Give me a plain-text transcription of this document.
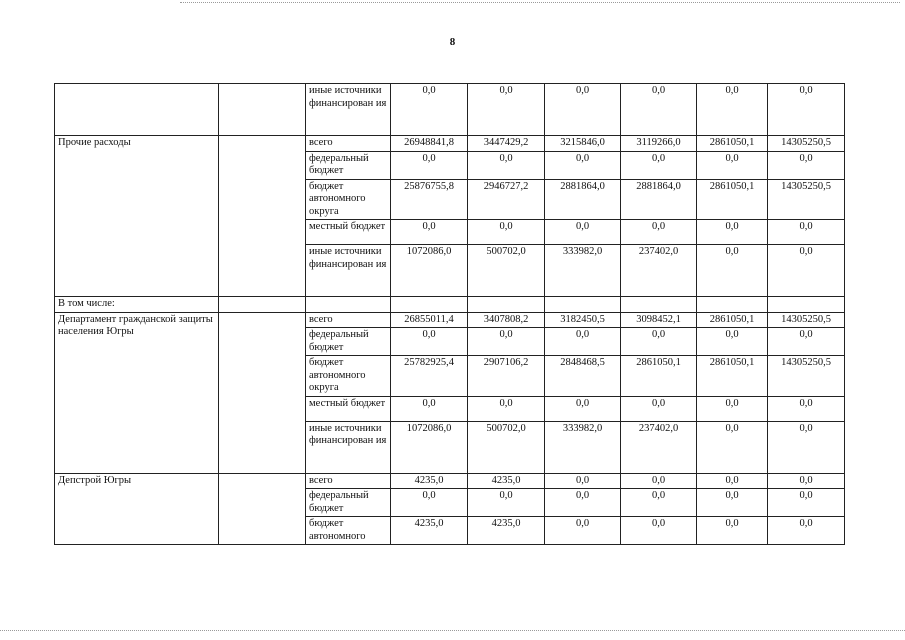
8
		иные источники финансирован ия	0,0	0,0	0,0	0,0	0,0	0,0
Прочие расходы		всего	26948841,8	3447429,2	3215846,0	3119266,0	2861050,1	14305250,5
		федеральный бюджет	0,0	0,0	0,0	0,0	0,0	0,0
		бюджет автономного округа	25876755,8	2946727,2	2881864,0	2881864,0	2861050,1	14305250,5
		местный бюджет	0,0	0,0	0,0	0,0	0,0	0,0
		иные источники финансирован ия	1072086,0	500702,0	333982,0	237402,0	0,0	0,0
В том числе:								
Департамент гражданской защиты населения Югры		всего	26855011,4	3407808,2	3182450,5	3098452,1	2861050,1	14305250,5
		федеральный бюджет	0,0	0,0	0,0	0,0	0,0	0,0
		бюджет автономного округа	25782925,4	2907106,2	2848468,5	2861050,1	2861050,1	14305250,5
		местный бюджет	0,0	0,0	0,0	0,0	0,0	0,0
		иные источники финансирован ия	1072086,0	500702,0	333982,0	237402,0	0,0	0,0
Депстрой Югры		всего	4235,0	4235,0	0,0	0,0	0,0	0,0
		федеральный бюджет	0,0	0,0	0,0	0,0	0,0	0,0
		бюджет автономного	4235,0	4235,0	0,0	0,0	0,0	0,0
